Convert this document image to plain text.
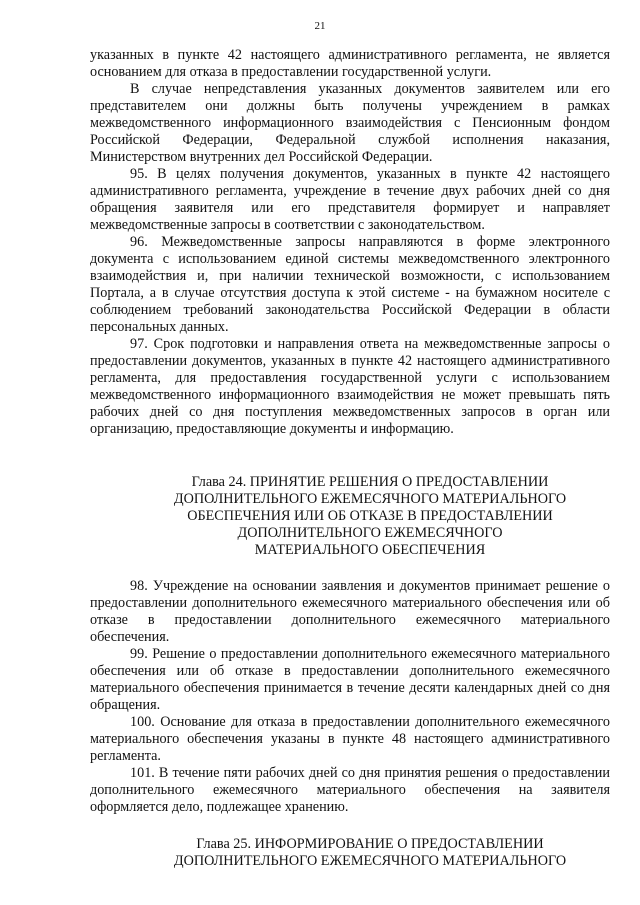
21

указанных в пункте 42 настоящего административного регламента, не является основанием для отказа в предоставлении государственной услуги.

В случае непредставления указанных документов заявителем или его представителем они должны быть получены учреждением в рамках межведомственного информационного взаимодействия с Пенсионным фондом Российской Федерации, Федеральной службой исполнения наказания, Министерством внутренних дел Российской Федерации.

95. В целях получения документов, указанных в пункте 42 настоящего административного регламента, учреждение в течение двух рабочих дней со дня обращения заявителя или его представителя формирует и направляет межведомственные запросы в соответствии с законодательством.

96. Межведомственные запросы направляются в форме электронного документа с использованием единой системы межведомственного электронного взаимодействия и, при наличии технической возможности, с использованием Портала, а в случае отсутствия доступа к этой системе - на бумажном носителе с соблюдением требований законодательства Российской Федерации в области персональных данных.

97. Срок подготовки и направления ответа на межведомственные запросы о предоставлении документов, указанных в пункте 42 настоящего административного регламента, для предоставления государственной услуги с использованием межведомственного информационного взаимодействия не может превышать пять рабочих дней со дня поступления межведомственных запросов в орган или организацию, предоставляющие документы и информацию.

Глава 24. ПРИНЯТИЕ РЕШЕНИЯ О ПРЕДОСТАВЛЕНИИ

ДОПОЛНИТЕЛЬНОГО ЕЖЕМЕСЯЧНОГО МАТЕРИАЛЬНОГО

ОБЕСПЕЧЕНИЯ ИЛИ ОБ ОТКАЗЕ В ПРЕДОСТАВЛЕНИИ

ДОПОЛНИТЕЛЬНОГО ЕЖЕМЕСЯЧНОГО

МАТЕРИАЛЬНОГО ОБЕСПЕЧЕНИЯ

98. Учреждение на основании заявления и документов принимает решение о предоставлении дополнительного ежемесячного материального обеспечения или об отказе в предоставлении дополнительного ежемесячного материального обеспечения.

99. Решение о предоставлении дополнительного ежемесячного материального обеспечения или об отказе в предоставлении дополнительного ежемесячного материального обеспечения принимается в течение десяти календарных дней со дня обращения.

100. Основание для отказа в предоставлении дополнительного ежемесячного материального обеспечения указаны в пункте 48 настоящего административного регламента.

101. В течение пяти рабочих дней со дня принятия решения о предоставлении дополнительного ежемесячного материального обеспечения на заявителя оформляется дело, подлежащее хранению.

Глава 25. ИНФОРМИРОВАНИЕ О ПРЕДОСТАВЛЕНИИ

ДОПОЛНИТЕЛЬНОГО ЕЖЕМЕСЯЧНОГО МАТЕРИАЛЬНОГО
